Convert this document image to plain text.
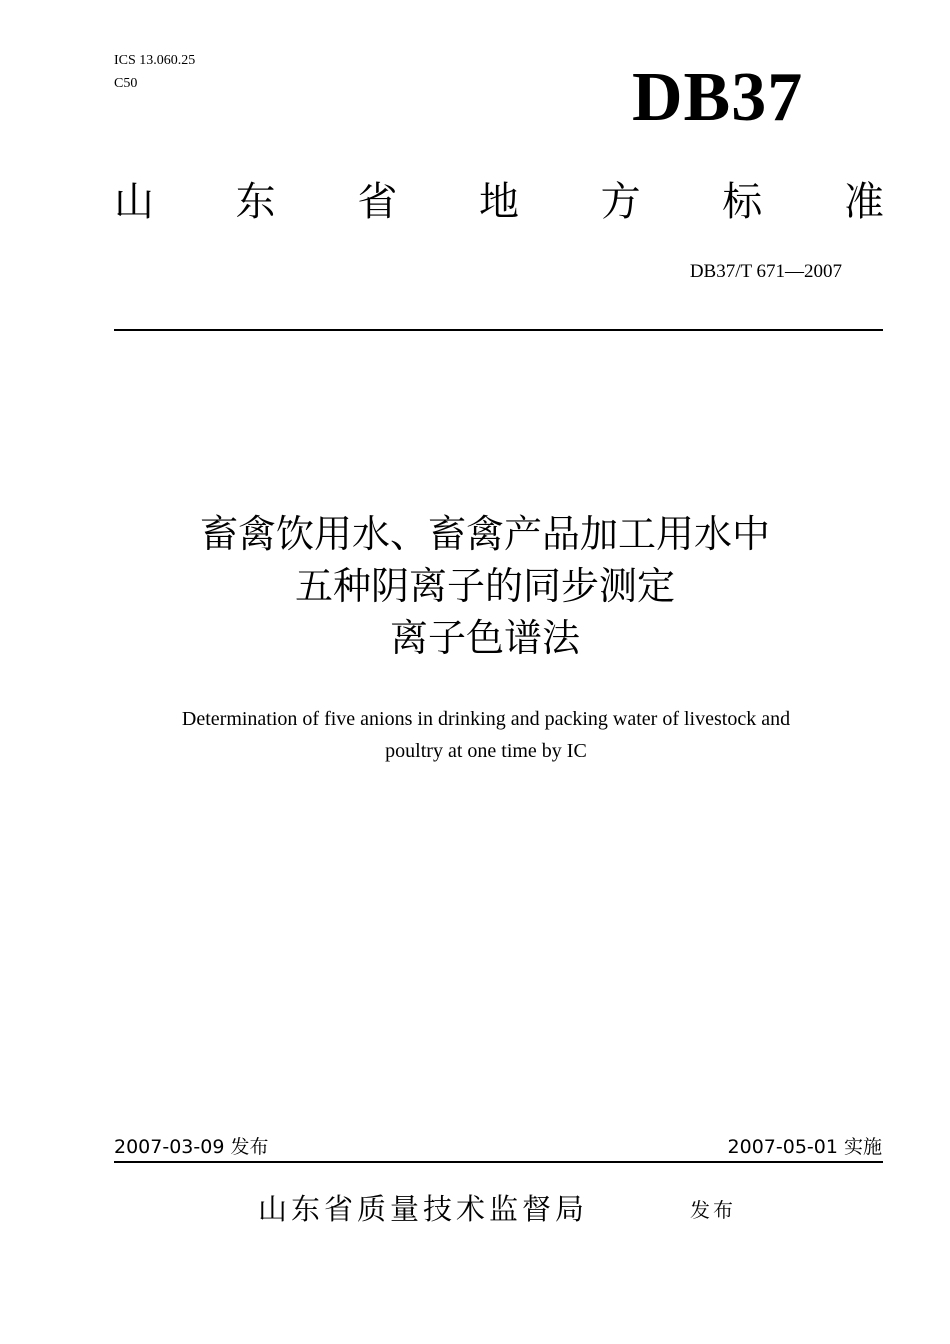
ICS 13.060.25
C50	DB37
山 东 省 地 方 标 准
DB37/T 671—2007
畜禽饮用水、畜禽产品加工用水中
五种阴离子的同步测定
离子色谱法
Determination of five anions in drinking and packing water of livestock and
poultry at one time by IC
2007-03-09 发布	2007-05-01 实施
山东省质量技术监督局	发布
